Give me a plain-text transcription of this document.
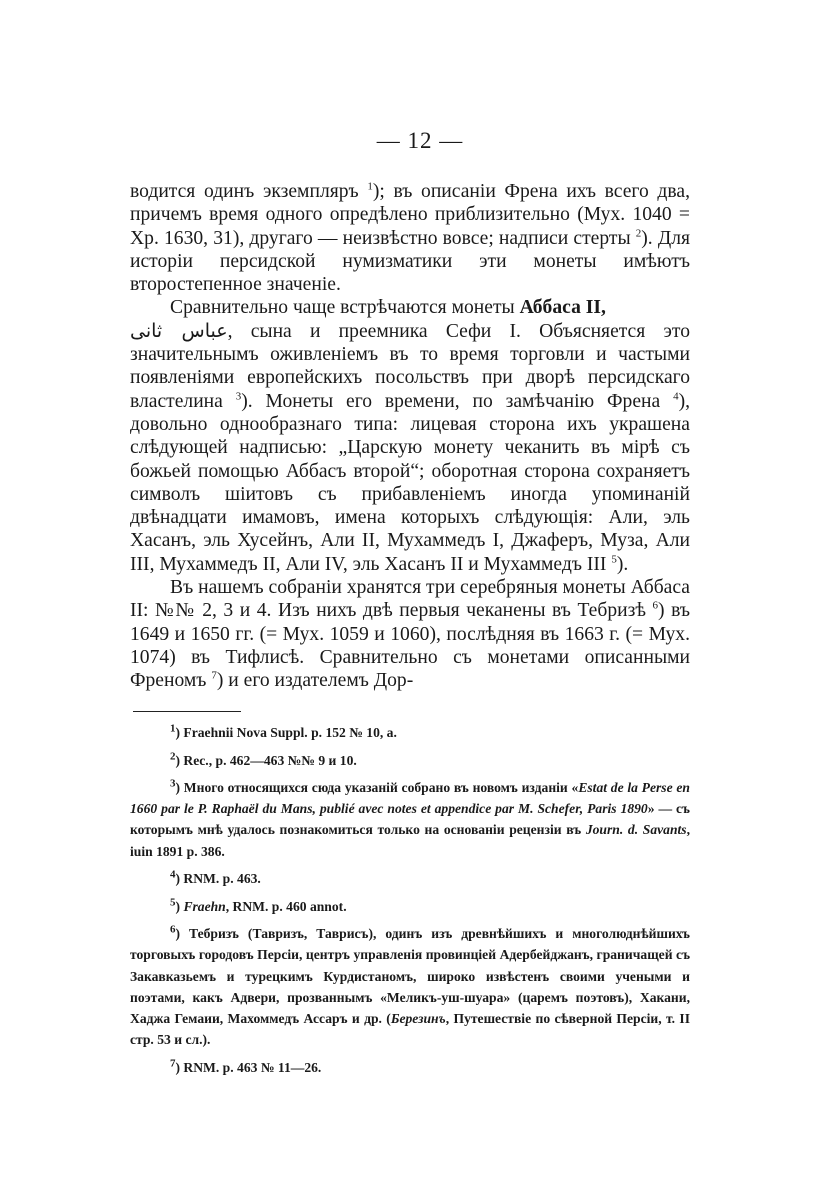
— 12 —

водится одинъ экземпляръ $^1$); въ описаніи Френа ихъ всего два, причемъ время одного опредѣлено приблизительно (Мух. 1040 = Хр. 1630, 31), другаго — неизвѣстно вовсе; надписи стерты $^2$). Для исторіи персидской нумизматики эти монеты имѣютъ второстепенное значеніе.

Сравнительно чаще встрѣчаются монеты Аббаса II,
عباس ثانی, сына и преемника Сефи I. Объясняется это значительнымъ оживленіемъ въ то время торговли и частыми появленіями европейскихъ посольствъ при дворѣ персидскаго властелина $^3$). Монеты его времени, по замѣчанію Френа $^4$), довольно однообразнаго типа: лицевая сторона ихъ украшена слѣдующей надписью: „Царскую монету чеканить въ мірѣ съ божьей помощью Аббасъ второй“; оборотная сторона сохраняетъ символъ шіитовъ съ прибавленіемъ иногда упоминаній двѣнадцати имамовъ, имена которыхъ слѣдующія: Али, эль Хасанъ, эль Хусейнъ, Али II, Мухаммедъ I, Джаферъ, Муза, Али III, Мухаммедъ II, Али IV, эль Хасанъ II и Мухаммедъ III $^5$).

Въ нашемъ собраніи хранятся три серебряныя монеты Аббаса II: №№ 2, 3 и 4. Изъ нихъ двѣ первыя чеканены въ Тебризѣ $^6$) въ 1649 и 1650 гг. (= Мух. 1059 и 1060), послѣдняя въ 1663 г. (= Мух. 1074) въ Тифлисѣ. Сравнительно съ монетами описанными Френомъ $^7$) и его издателемъ Дор-

$^1$) Fraehnii Nova Suppl. p. 152 № 10, a.

$^2$) Rec., p. 462—463 №№ 9 и 10.

$^3$) Много относящихся сюда указаній собрано въ новомъ изданіи «Estat de la Perse en 1660 par le P. Raphaël du Mans, publié avec notes et appendice par M. Schefer, Paris 1890» — съ которымъ мнѣ удалось познакомиться только на основаніи рецензіи въ Journ. d. Savants, iuin 1891 p. 386.

$^4$) RNM. p. 463.

$^5$) Fraehn, RNM. p. 460 annot.

$^6$) Тебризъ (Тавризъ, Таврисъ), одинъ изъ древнѣйшихъ и многолюднѣйшихъ торговыхъ городовъ Персіи, центръ управленія провинціей Адербейджанъ, граничащей съ Закавказьемъ и турецкимъ Курдистаномъ, широко извѣстенъ своими учеными и поэтами, какъ Адвери, прозваннымъ «Меликъ-уш-шуара» (царемъ поэтовъ), Хакани, Хаджа Гемаии, Махоммедъ Ассаръ и др. (Березинъ, Путешествіе по сѣверной Персіи, т. II стр. 53 и сл.).

$^7$) RNM. p. 463 № 11—26.
